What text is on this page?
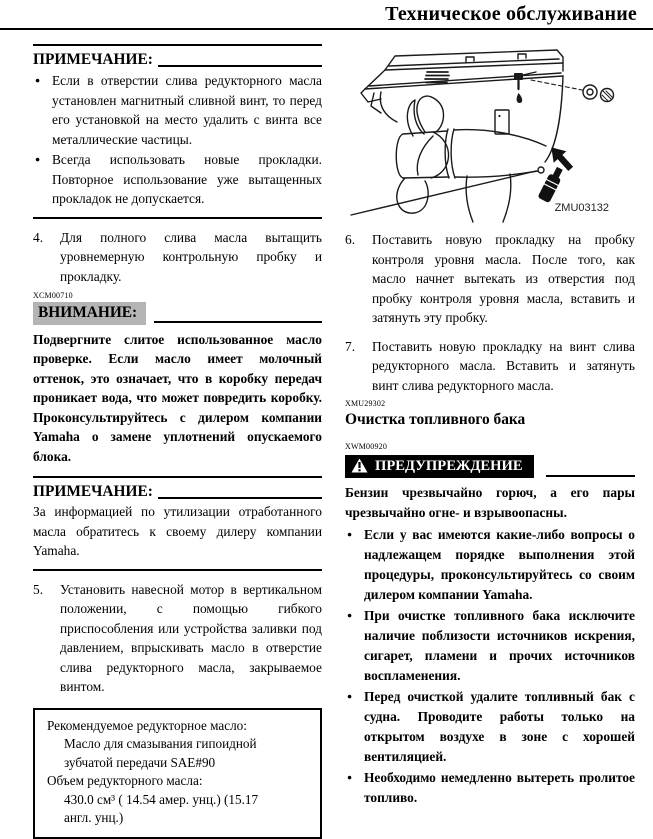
Техническое обслуживание
ПРИМЕЧАНИЕ:
● Если в отверстии слива редукторного масла установлен магнитный сливной винт, то перед его установкой на место удалить с винта все металлические частицы.
● Всегда использовать новые прокладки. Повторное использование уже вытащенных прокладок не допускается.
4.	Для полного слива масла вытащить уровнемерную контрольную пробку и прокладку.
XCM00710
ВНИМАНИЕ:
Подвергните слитое использованное масло проверке. Если масло имеет молочный оттенок, это означает, что в коробку передач проникает вода, что может повредить коробку. Проконсультируйтесь с дилером компании Yamaha о замене уплотнений опускаемого блока.
ПРИМЕЧАНИЕ:
За информацией по утилизации отработанного масла обратитесь к своему дилеру компании Yamaha.
5.	Установить навесной мотор в вертикальном положении, с помощью гибкого приспособления или устройства заливки под давлением, впрыскивать масло в отверстие слива редукторного масла, закрываемое винтом.
Рекомендуемое редукторное масло:
Масло для смазывания гипоидной
зубчатой передачи SAE#90
Объем редукторного масла:
430.0 см³ ( 14.54 амер. унц.) (15.17
англ. унц.)
ZMU03132
6.	Поставить новую прокладку на пробку контроля уровня масла. После того, как масло начнет вытекать из отверстия под пробку контроля уровня масла, вставить и затянуть эту пробку.
7.	Поставить новую прокладку на винт слива редукторного масла. Вставить и затянуть винт слива редукторного масла.
XMU29302
Очистка топливного бака
XWM00920
ПРЕДУПРЕЖДЕНИЕ
Бензин чрезвычайно горюч, а его пары чрезвычайно огне- и взрывоопасны.
● Если у вас имеются какие-либо вопросы о надлежащем порядке выполнения этой процедуры, проконсультируйтесь со своим дилером компании Yamaha.
● При очистке топливного бака исключите наличие поблизости источников искрения, сигарет, пламени и прочих источников воспламенения.
● Перед очисткой удалите топливный бак с судна. Проводите работы только на открытом воздухе в зоне с хорошей вентиляцией.
● Необходимо немедленно вытереть пролитое топливо.
